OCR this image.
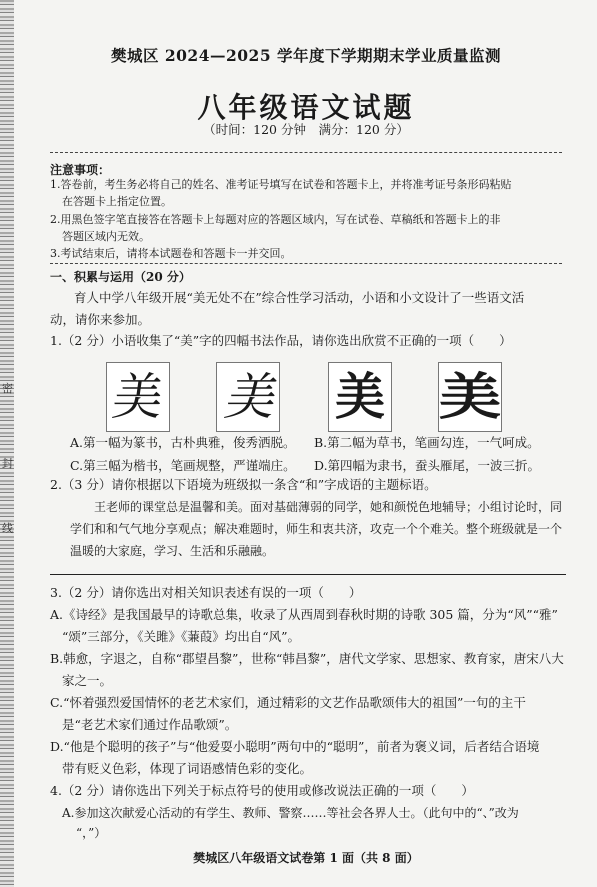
密
封
线
樊城区 2024—2025 学年度下学期期末学业质量监测
八年级语文试题
（时间：120 分钟　满分：120 分）
注意事项：
1.答卷前，考生务必将自己的姓名、准考证号填写在试卷和答题卡上，并将准考证号条形码粘贴
在答题卡上指定位置。
2.用黑色签字笔直接答在答题卡上每题对应的答题区域内，写在试卷、草稿纸和答题卡上的非
答题区域内无效。
3.考试结束后，请将本试题卷和答题卡一并交回。
一、积累与运用（20 分）
育人中学八年级开展“美无处不在”综合性学习活动，小语和小文设计了一些语文活
动，请你来参加。
1.（2 分）小语收集了“美”字的四幅书法作品，请你选出欣赏不正确的一项（　　）
美 美 美 美
A.第一幅为篆书，古朴典雅，俊秀洒脱。 B.第二幅为草书，笔画勾连，一气呵成。
C.第三幅为楷书，笔画规整，严谨端庄。 D.第四幅为隶书，蚕头雁尾，一波三折。
2.（3 分）请你根据以下语境为班级拟一条含“和”字成语的主题标语。
王老师的课堂总是温馨和美。面对基础薄弱的同学，她和颜悦色地辅导；小组讨论时，同学们和和气气地分享观点；解决难题时，师生和衷共济，攻克一个个难关。整个班级就是一个温暖的大家庭，学习、生活和乐融融。
3.（2 分）请你选出对相关知识表述有误的一项（　　）
A.《诗经》是我国最早的诗歌总集，收录了从西周到春秋时期的诗歌 305 篇，分为“风”“雅”
“颂”三部分，《关雎》《蒹葭》均出自“风”。
B.韩愈，字退之，自称“郡望昌黎”，世称“韩昌黎”，唐代文学家、思想家、教育家，唐宋八大
家之一。
C.“怀着强烈爱国情怀的老艺术家们，通过精彩的文艺作品歌颂伟大的祖国”一句的主干
是“老艺术家们通过作品歌颂”。
D.“他是个聪明的孩子”与“他爱耍小聪明”两句中的“聪明”，前者为褒义词，后者结合语境
带有贬义色彩，体现了词语感情色彩的变化。
4.（2 分）请你选出下列关于标点符号的使用或修改说法正确的一项（　　）
A.参加这次献爱心活动的有学生、教师、警察……等社会各界人士。（此句中的“、”改为
“，”）
樊城区八年级语文试卷第 1 面（共 8 面）
